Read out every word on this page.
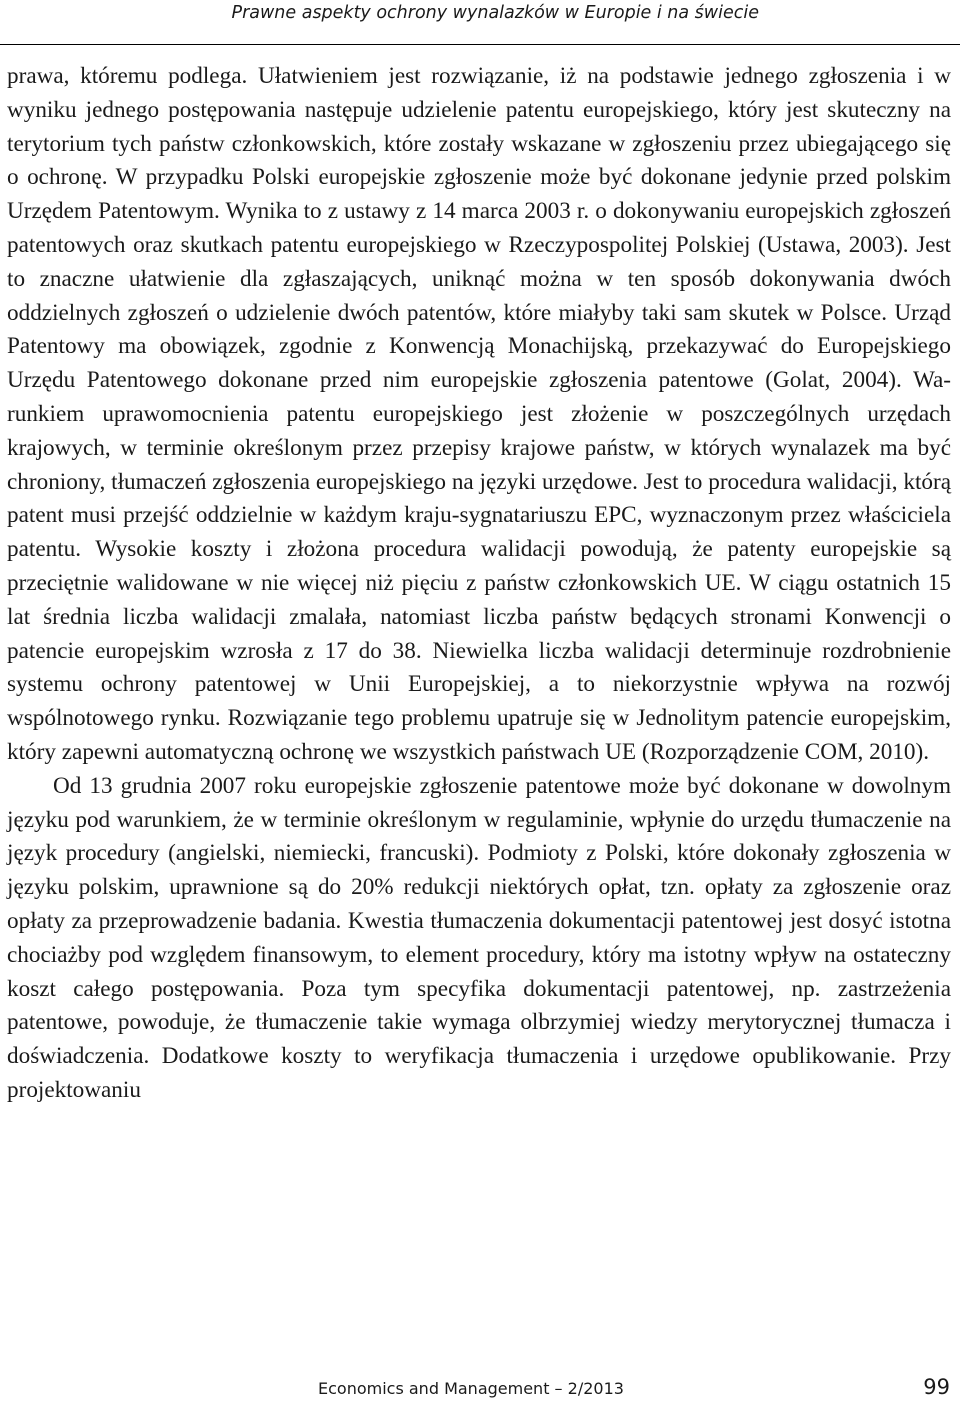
Prawne aspekty ochrony wynalazków w Europie i na świecie

prawa, któremu podlega. Ułatwieniem jest rozwiązanie, iż na podstawie jednego zgłoszenia i w wyniku jednego postępowania następuje udzielenie patentu europejskiego, który jest skuteczny na terytorium tych państw członkowskich, które zostały wskazane w zgłoszeniu przez ubiegającego się o ochronę. W przypadku Polski europejskie zgłoszenie może być dokonane jedynie przed polskim Urzędem Patentowym. Wynika to z ustawy z 14 marca 2003 r. o dokonywaniu europejskich zgłoszeń patentowych oraz skutkach patentu europejskiego w Rzeczypospolitej Polskiej (Ustawa, 2003). Jest to znaczne ułatwienie dla zgłaszających, uniknąć można w ten sposób dokonywania dwóch oddzielnych zgłoszeń o udzielenie dwóch patentów, które miałyby taki sam skutek w Polsce. Urząd Patentowy ma obowiązek, zgodnie z Konwencją Monachijską, przekazywać do Europejskiego Urzędu Patentowego dokonane przed nim europejskie zgłoszenia patentowe (Golat, 2004). Warunkiem uprawomocnienia patentu europejskiego jest złożenie w poszczególnych urzędach krajowych, w terminie określonym przez przepisy krajowe państw, w których wynalazek ma być chroniony, tłumaczeń zgłoszenia europejskiego na języki urzędowe. Jest to procedura walidacji, którą patent musi przejść oddzielnie w każdym kraju-sygnatariuszu EPC, wyznaczonym przez właściciela patentu. Wysokie koszty i złożona procedura walidacji powodują, że patenty europejskie są przeciętnie walidowane w nie więcej niż pięciu z państw członkowskich UE. W ciągu ostatnich 15 lat średnia liczba walidacji zmalała, natomiast liczba państw będących stronami Konwencji o patencie europejskim wzrosła z 17 do 38. Niewielka liczba walidacji determinuje rozdrobnienie systemu ochrony patentowej w Unii Europejskiej, a to niekorzystnie wpływa na rozwój wspólnotowego rynku. Rozwiązanie tego problemu upatruje się w Jednolitym patencie europejskim, który zapewni automatyczną ochronę we wszystkich państwach UE (Rozporządzenie COM, 2010).

Od 13 grudnia 2007 roku europejskie zgłoszenie patentowe może być dokonane w dowolnym języku pod warunkiem, że w terminie określonym w regulaminie, wpłynie do urzędu tłumaczenie na język procedury (angielski, niemiecki, francuski). Podmioty z Polski, które dokonały zgłoszenia w języku polskim, uprawnione są do 20% redukcji niektórych opłat, tzn. opłaty za zgłoszenie oraz opłaty za przeprowadzenie badania. Kwestia tłumaczenia dokumentacji patentowej jest dosyć istotna chociażby pod względem finansowym, to element procedury, który ma istotny wpływ na ostateczny koszt całego postępowania. Poza tym specyfika dokumentacji patentowej, np. zastrzeżenia patentowe, powoduje, że tłumaczenie takie wymaga olbrzymiej wiedzy merytorycznej tłumacza i doświadczenia. Dodatkowe koszty to weryfikacja tłumaczenia i urzędowe opublikowanie. Przy projektowaniu

Economics and Management – 2/2013	99
